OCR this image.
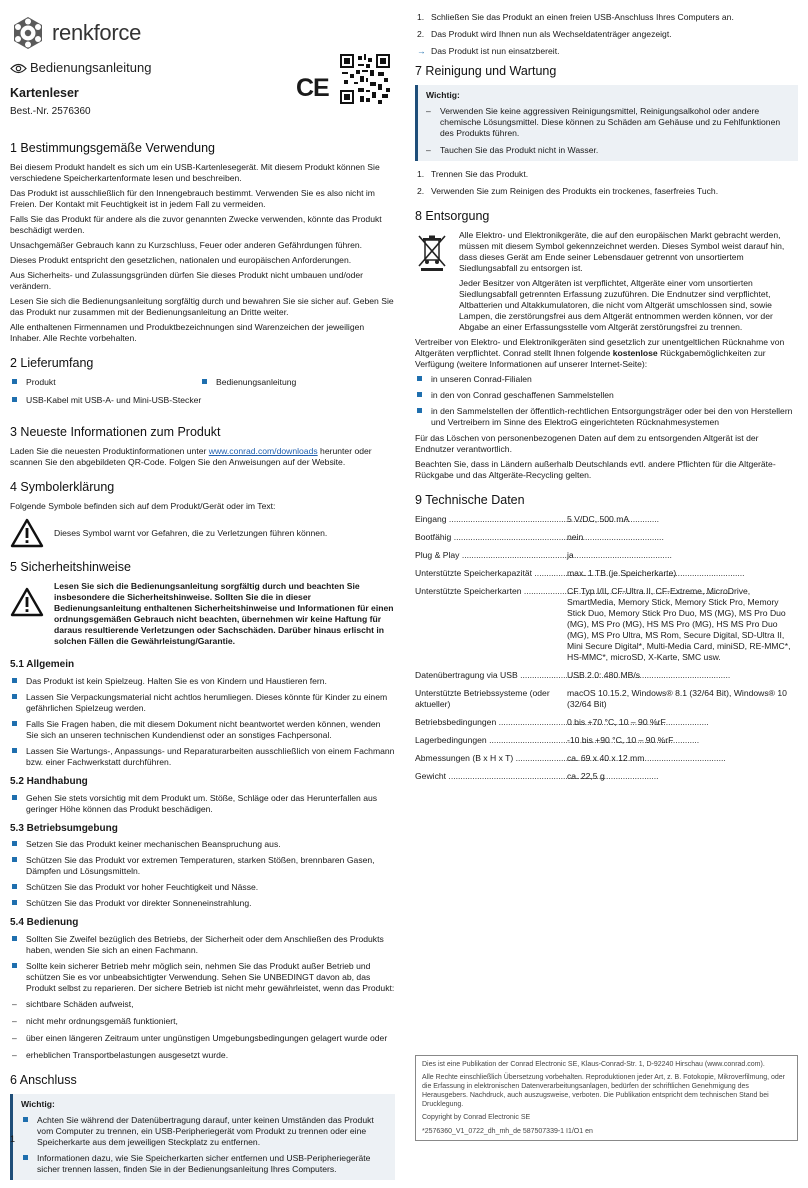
renkforce
Bedienungsanleitung
Kartenleser
Best.-Nr. 2576360
CE
1 Bestimmungsgemäße Verwendung

Bei diesem Produkt handelt es sich um ein USB-Kartenlesegerät. Mit diesem Produkt können Sie verschiedene Speicherkartenformate lesen und beschreiben.

Das Produkt ist ausschließlich für den Innengebrauch bestimmt. Verwenden Sie es also nicht im Freien. Der Kontakt mit Feuchtigkeit ist in jedem Fall zu vermeiden.

Falls Sie das Produkt für andere als die zuvor genannten Zwecke verwenden, könnte das Produkt beschädigt werden.

Unsachgemäßer Gebrauch kann zu Kurzschluss, Feuer oder anderen Gefährdungen führen.

Dieses Produkt entspricht den gesetzlichen, nationalen und europäischen Anforderungen.

Aus Sicherheits- und Zulassungsgründen dürfen Sie dieses Produkt nicht umbauen und/oder verändern.

Lesen Sie sich die Bedienungsanleitung sorgfältig durch und bewahren Sie sie sicher auf. Geben Sie das Produkt nur zusammen mit der Bedienungsanleitung an Dritte weiter.

Alle enthaltenen Firmennamen und Produktbezeichnungen sind Warenzeichen der jeweiligen Inhaber. Alle Rechte vorbehalten.

2 Lieferumfang
Produkt	Bedienungsanleitung
USB-Kabel mit USB-A- und Mini-USB-Stecker
3 Neueste Informationen zum Produkt

Laden Sie die neuesten Produktinformationen unter www.conrad.com/downloads herunter oder scannen Sie den abgebildeten QR-Code. Folgen Sie den Anweisungen auf der Website.

4 Symbolerklärung

Folgende Symbole befinden sich auf dem Produkt/Gerät oder im Text:

Dieses Symbol warnt vor Gefahren, die zu Verletzungen führen können.
5 Sicherheitshinweise

Lesen Sie sich die Bedienungsanleitung sorgfältig durch und beachten Sie insbesondere die Sicherheitshinweise. Sollten Sie die in dieser Bedienungsanleitung enthaltenen Sicherheitshinweise und Informationen für einen ordnungsgemäßen Gebrauch nicht beachten, übernehmen wir keine Haftung für daraus resultierende Verletzungen oder Sachschäden. Darüber hinaus erlischt in solchen Fällen die Gewährleistung/Garantie.

5.1 Allgemein
Das Produkt ist kein Spielzeug. Halten Sie es von Kindern und Haustieren fern.
Lassen Sie Verpackungsmaterial nicht achtlos herumliegen. Dieses könnte für Kinder zu einem gefährlichen Spielzeug werden.
Falls Sie Fragen haben, die mit diesem Dokument nicht beantwortet werden können, wenden Sie sich an unseren technischen Kundendienst oder an sonstiges Fachpersonal.
Lassen Sie Wartungs-, Anpassungs- und Reparaturarbeiten ausschließlich von einem Fachmann bzw. einer Fachwerkstatt durchführen.
5.2 Handhabung
Gehen Sie stets vorsichtig mit dem Produkt um. Stöße, Schläge oder das Herunterfallen aus geringer Höhe können das Produkt beschädigen.
5.3 Betriebsumgebung
Setzen Sie das Produkt keiner mechanischen Beanspruchung aus.
Schützen Sie das Produkt vor extremen Temperaturen, starken Stößen, brennbaren Gasen, Dämpfen und Lösungsmitteln.
Schützen Sie das Produkt vor hoher Feuchtigkeit und Nässe.
Schützen Sie das Produkt vor direkter Sonneneinstrahlung.
5.4 Bedienung
Sollten Sie Zweifel bezüglich des Betriebs, der Sicherheit oder dem Anschließen des Produkts haben, wenden Sie sich an einen Fachmann.
Sollte kein sicherer Betrieb mehr möglich sein, nehmen Sie das Produkt außer Betrieb und schützen Sie es vor unbeabsichtigter Verwendung. Sehen Sie UNBEDINGT davon ab, das Produkt selbst zu reparieren. Der sichere Betrieb ist nicht mehr gewährleistet, wenn das Produkt:
– sichtbare Schäden aufweist,
– nicht mehr ordnungsgemäß funktioniert,
– über einen längeren Zeitraum unter ungünstigen Umgebungsbedingungen gelagert wurde oder
– erheblichen Transportbelastungen ausgesetzt wurde.
6 Anschluss
Wichtig:
Achten Sie während der Datenübertragung darauf, unter keinen Umständen das Produkt vom Computer zu trennen, ein USB-Peripheriegerät vom Produkt zu trennen oder eine Speicherkarte aus dem jeweiligen Steckplatz zu entfernen.
Informationen dazu, wie Sie Speicherkarten sicher entfernen und USB-Peripheriegeräte sicher trennen lassen, finden Sie in der Bedienungsanleitung Ihres Computers.
1
1. Schließen Sie das Produkt an einen freien USB-Anschluss Ihres Computers an.
2. Das Produkt wird Ihnen nun als Wechseldatenträger angezeigt.
→ Das Produkt ist nun einsatzbereit.
7 Reinigung und Wartung
Wichtig:
– Verwenden Sie keine aggressiven Reinigungsmittel, Reinigungsalkohol oder andere chemische Lösungsmittel. Diese können zu Schäden am Gehäuse und zu Fehlfunktionen des Produkts führen.
– Tauchen Sie das Produkt nicht in Wasser.
1. Trennen Sie das Produkt.
2. Verwenden Sie zum Reinigen des Produkts ein trockenes, faserfreies Tuch.
8 Entsorgung

Alle Elektro- und Elektronikgeräte, die auf den europäischen Markt gebracht werden, müssen mit diesem Symbol gekennzeichnet werden. Dieses Symbol weist darauf hin, dass dieses Gerät am Ende seiner Lebensdauer getrennt von unsortiertem Siedlungsabfall zu entsorgen ist.

Jeder Besitzer von Altgeräten ist verpflichtet, Altgeräte einer vom unsortierten Siedlungsabfall getrennten Erfassung zuzuführen. Die Endnutzer sind verpflichtet, Altbatterien und Altakkumulatoren, die nicht vom Altgerät umschlossen sind, sowie Lampen, die zerstörungsfrei aus dem Altgerät entnommen werden können, vor der Abgabe an einer Erfassungsstelle vom Altgerät zerstörungsfrei zu trennen.

Vertreiber von Elektro- und Elektronikgeräten sind gesetzlich zur unentgeltlichen Rücknahme von Altgeräten verpflichtet. Conrad stellt Ihnen folgende kostenlose Rückgabemöglichkeiten zur Verfügung (weitere Informationen auf unserer Internet-Seite):

in unseren Conrad-Filialen
in den von Conrad geschaffenen Sammelstellen
in den Sammelstellen der öffentlich-rechtlichen Entsorgungsträger oder bei den von Herstellern und Vertreibern im Sinne des ElektroG eingerichteten Rücknahmesystemen

Für das Löschen von personenbezogenen Daten auf dem zu entsorgenden Altgerät ist der Endnutzer verantwortlich.

Beachten Sie, dass in Ländern außerhalb Deutschlands evtl. andere Pflichten für die Altgeräte-Rückgabe und das Altgeräte-Recycling gelten.

9 Technische Daten
Eingang .....	5 V/DC, 500 mA
Bootfähig .....	nein
Plug & Play .....	ja
Unterstützte Speicherkapazität .....	max. 1 TB (je Speicherkarte)
Unterstützte Speicherkarten .....	CF Typ I/II, CF-Ultra II, CF-Extreme, MicroDrive, SmartMedia, Memory Stick, Memory Stick Pro, Memory Stick Duo, Memory Stick Pro Duo, MS (MG), MS Pro Duo (MG), MS Pro (MG), HS MS Pro (MG), HS MS Pro Duo (MG), MS Pro Ultra, MS Rom, Secure Digital, SD-Ultra II, Mini Secure Digital*, Multi-Media Card, miniSD, RE-MMC*, HS-MMC*, microSD, X-Karte, SMC usw.
Datenübertragung via USB .....	USB 2.0: 480 MB/s
Unterstützte Betriebssysteme (oder aktueller)
macOS 10.15.2, Windows® 8.1 (32/64 Bit), Windows® 10 (32/64 Bit)
Betriebsbedingungen .....	0 bis +70 °C, 10 – 90 %rF
Lagerbedingungen .....	-10 bis +90 °C, 10 – 90 %rF
Abmessungen (B x H x T) .....	ca. 69 x 40 x 12 mm
Gewicht .....	ca. 22,5 g

Dies ist eine Publikation der Conrad Electronic SE, Klaus-Conrad-Str. 1, D-92240 Hirschau (www.conrad.com).

Alle Rechte einschließlich Übersetzung vorbehalten. Reproduktionen jeder Art, z. B. Fotokopie, Mikroverfilmung, oder die Erfassung in elektronischen Datenverarbeitungsanlagen, bedürfen der schriftlichen Genehmigung des Herausgebers. Nachdruck, auch auszugsweise, verboten. Die Publikation entspricht dem technischen Stand bei Drucklegung.

Copyright by Conrad Electronic SE

*2576360_V1_0722_dh_mh_de 587507339-1 I1/O1 en
